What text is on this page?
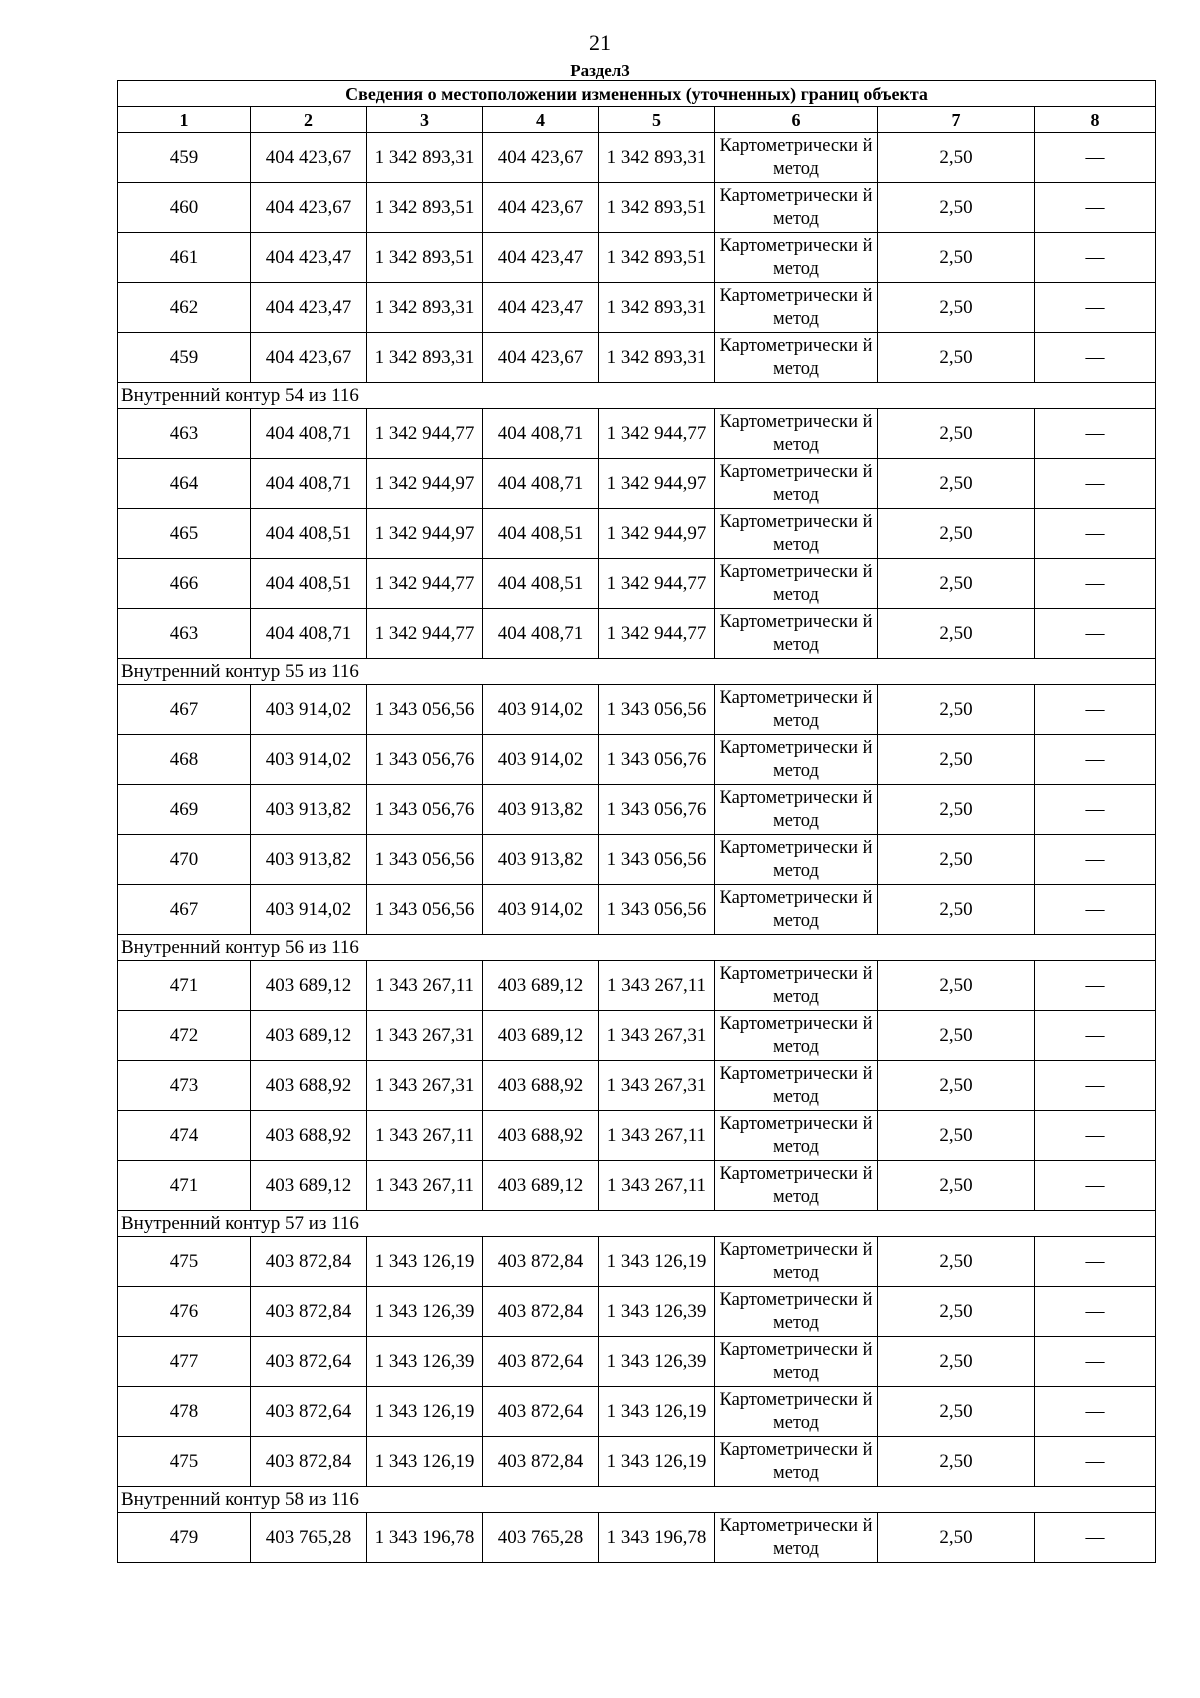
21
Раздел3
Сведения о местоположении измененных (уточненных) границ объекта							
1	2	3	4	5	6	7	8
459	404 423,67	1 342 893,31	404 423,67	1 342 893,31	Картометрически й метод	2,50	—
460	404 423,67	1 342 893,51	404 423,67	1 342 893,51	Картометрически й метод	2,50	—
461	404 423,47	1 342 893,51	404 423,47	1 342 893,51	Картометрически й метод	2,50	—
462	404 423,47	1 342 893,31	404 423,47	1 342 893,31	Картометрически й метод	2,50	—
459	404 423,67	1 342 893,31	404 423,67	1 342 893,31	Картометрически й метод	2,50	—
Внутренний контур 54 из 116							
463	404 408,71	1 342 944,77	404 408,71	1 342 944,77	Картометрически й метод	2,50	—
464	404 408,71	1 342 944,97	404 408,71	1 342 944,97	Картометрически й метод	2,50	—
465	404 408,51	1 342 944,97	404 408,51	1 342 944,97	Картометрически й метод	2,50	—
466	404 408,51	1 342 944,77	404 408,51	1 342 944,77	Картометрически й метод	2,50	—
463	404 408,71	1 342 944,77	404 408,71	1 342 944,77	Картометрически й метод	2,50	—
Внутренний контур 55 из 116							
467	403 914,02	1 343 056,56	403 914,02	1 343 056,56	Картометрически й метод	2,50	—
468	403 914,02	1 343 056,76	403 914,02	1 343 056,76	Картометрически й метод	2,50	—
469	403 913,82	1 343 056,76	403 913,82	1 343 056,76	Картометрически й метод	2,50	—
470	403 913,82	1 343 056,56	403 913,82	1 343 056,56	Картометрически й метод	2,50	—
467	403 914,02	1 343 056,56	403 914,02	1 343 056,56	Картометрически й метод	2,50	—
Внутренний контур 56 из 116							
471	403 689,12	1 343 267,11	403 689,12	1 343 267,11	Картометрически й метод	2,50	—
472	403 689,12	1 343 267,31	403 689,12	1 343 267,31	Картометрически й метод	2,50	—
473	403 688,92	1 343 267,31	403 688,92	1 343 267,31	Картометрически й метод	2,50	—
474	403 688,92	1 343 267,11	403 688,92	1 343 267,11	Картометрически й метод	2,50	—
471	403 689,12	1 343 267,11	403 689,12	1 343 267,11	Картометрически й метод	2,50	—
Внутренний контур 57 из 116							
475	403 872,84	1 343 126,19	403 872,84	1 343 126,19	Картометрически й метод	2,50	—
476	403 872,84	1 343 126,39	403 872,84	1 343 126,39	Картометрически й метод	2,50	—
477	403 872,64	1 343 126,39	403 872,64	1 343 126,39	Картометрически й метод	2,50	—
478	403 872,64	1 343 126,19	403 872,64	1 343 126,19	Картометрически й метод	2,50	—
475	403 872,84	1 343 126,19	403 872,84	1 343 126,19	Картометрически й метод	2,50	—
Внутренний контур 58 из 116							
479	403 765,28	1 343 196,78	403 765,28	1 343 196,78	Картометрически й метод	2,50	—
